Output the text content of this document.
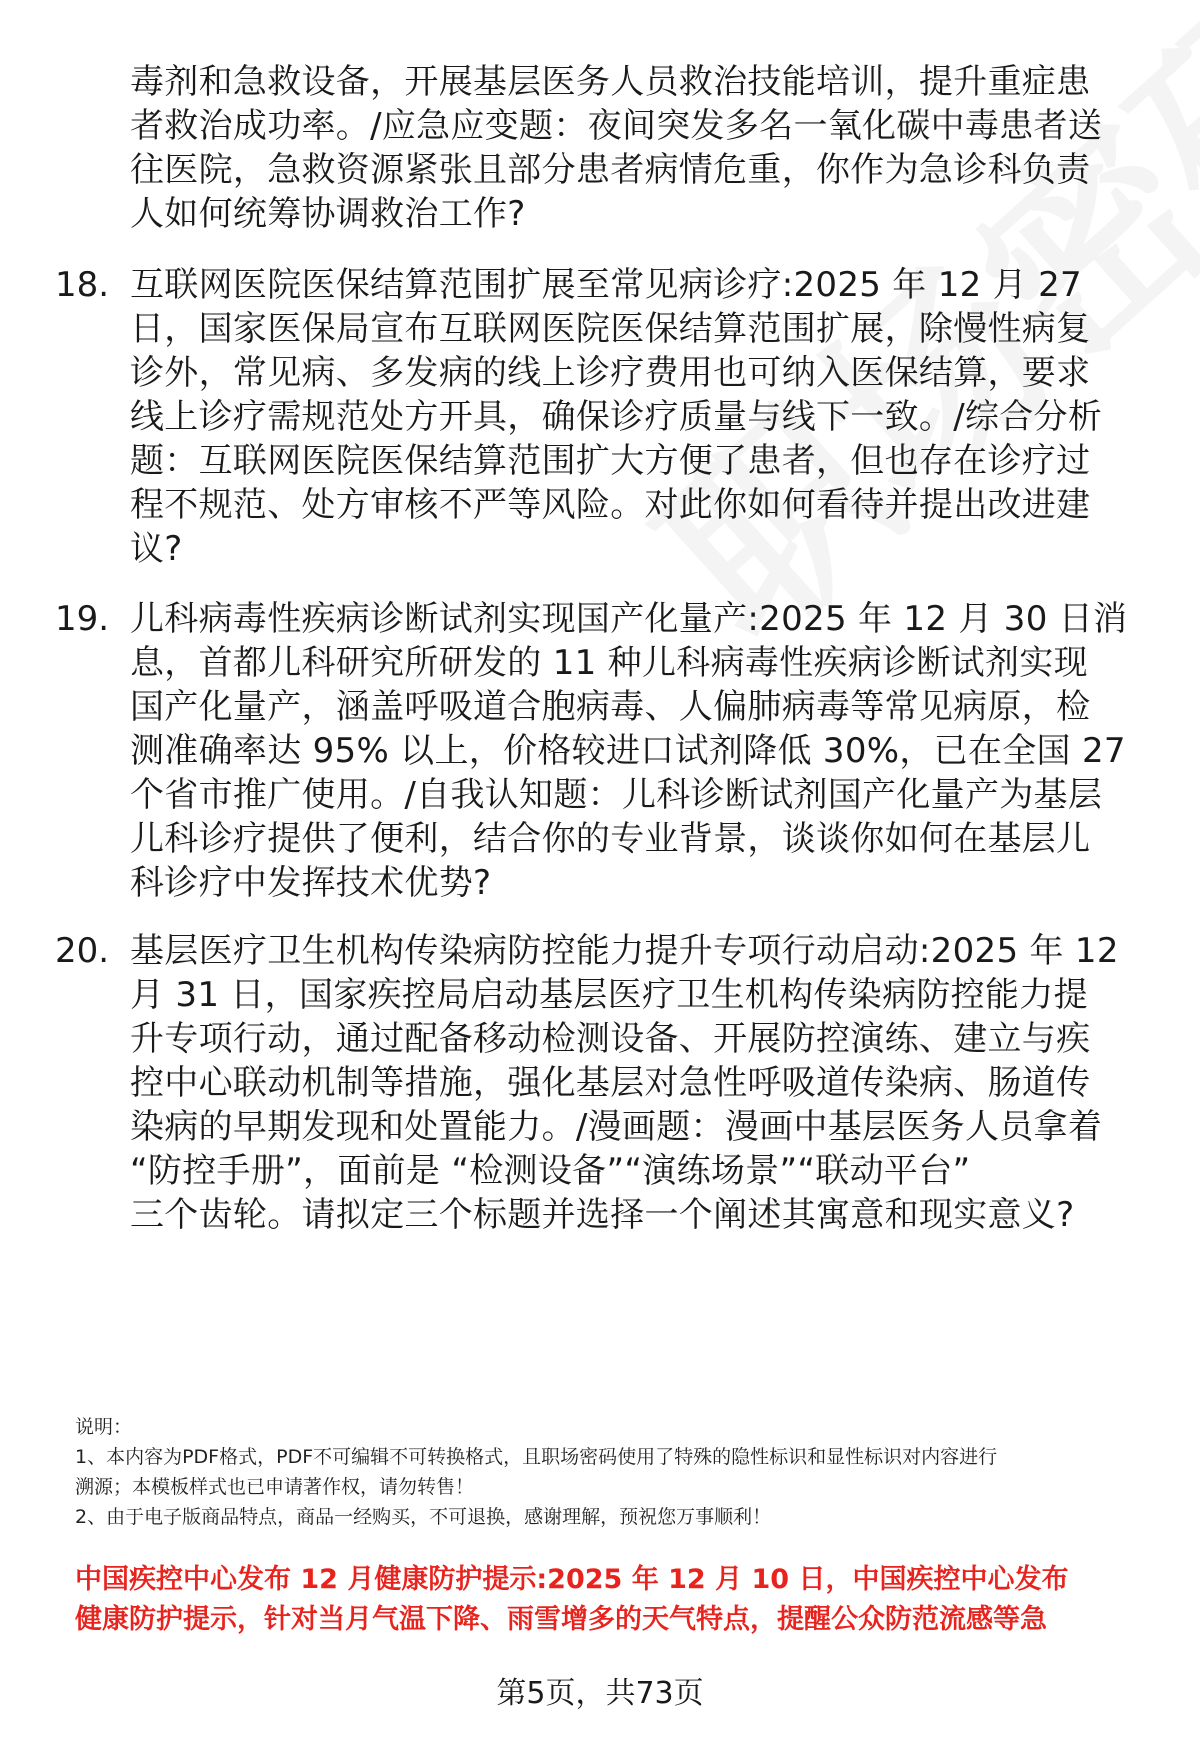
毒剂和急救设备，开展基层医务人员救治技能培训，提升重症患
者救治成功率。/应急应变题：夜间突发多名一氧化碳中毒患者送
往医院，急救资源紧张且部分患者病情危重，你作为急诊科负责
人如何统筹协调救治工作?
18. 互联网医院医保结算范围扩展至常见病诊疗:2025 年 12 月 27
日，国家医保局宣布互联网医院医保结算范围扩展，除慢性病复
诊外，常见病、多发病的线上诊疗费用也可纳入医保结算，要求
线上诊疗需规范处方开具，确保诊疗质量与线下一致。/综合分析
题：互联网医院医保结算范围扩大方便了患者，但也存在诊疗过
程不规范、处方审核不严等风险。对此你如何看待并提出改进建
议?
19. 儿科病毒性疾病诊断试剂实现国产化量产:2025 年 12 月 30 日消
息，首都儿科研究所研发的 11 种儿科病毒性疾病诊断试剂实现
国产化量产，涵盖呼吸道合胞病毒、人偏肺病毒等常见病原，检
测准确率达 95% 以上，价格较进口试剂降低 30%，已在全国 27
个省市推广使用。/自我认知题：儿科诊断试剂国产化量产为基层
儿科诊疗提供了便利，结合你的专业背景，谈谈你如何在基层儿
科诊疗中发挥技术优势?
20. 基层医疗卫生机构传染病防控能力提升专项行动启动:2025 年 12
月 31 日，国家疾控局启动基层医疗卫生机构传染病防控能力提
升专项行动，通过配备移动检测设备、开展防控演练、建立与疾
控中心联动机制等措施，强化基层对急性呼吸道传染病、肠道传
染病的早期发现和处置能力。/漫画题：漫画中基层医务人员拿着
“防控手册”，面前是 “检测设备”“演练场景”“联动平台”
三个齿轮。请拟定三个标题并选择一个阐述其寓意和现实意义?
说明：
1、本内容为PDF格式，PDF不可编辑不可转换格式，且职场密码使用了特殊的隐性标识和显性标识对内容进行
溯源；本模板样式也已申请著作权，请勿转售！
2、由于电子版商品特点，商品一经购买，不可退换，感谢理解，预祝您万事顺利！
中国疾控中心发布 12 月健康防护提示:2025 年 12 月 10 日，中国疾控中心发布
健康防护提示，针对当月气温下降、雨雪增多的天气特点，提醒公众防范流感等急
第5页，共73页
